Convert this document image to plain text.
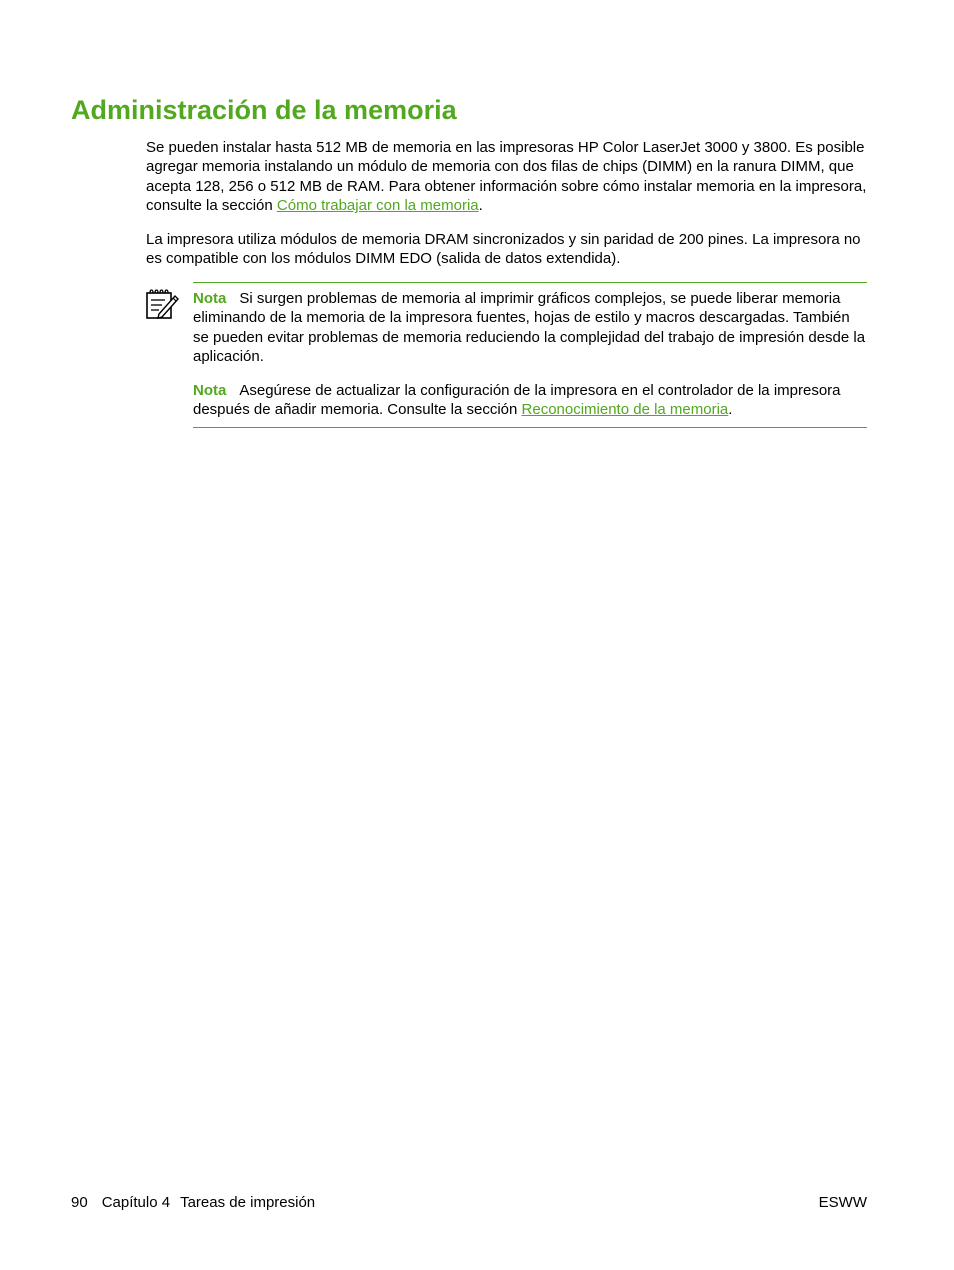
Administración de la memoria

Se pueden instalar hasta 512 MB de memoria en las impresoras HP Color LaserJet 3000 y 3800. Es posible agregar memoria instalando un módulo de memoria con dos filas de chips (DIMM) en la ranura DIMM, que acepta 128, 256 o 512 MB de RAM. Para obtener información sobre cómo instalar memoria en la impresora, consulte la sección Cómo trabajar con la memoria.

La impresora utiliza módulos de memoria DRAM sincronizados y sin paridad de 200 pines. La impresora no es compatible con los módulos DIMM EDO (salida de datos extendida).

Nota Si surgen problemas de memoria al imprimir gráficos complejos, se puede liberar memoria eliminando de la memoria de la impresora fuentes, hojas de estilo y macros descargadas. También se pueden evitar problemas de memoria reduciendo la complejidad del trabajo de impresión desde la aplicación.

Nota Asegúrese de actualizar la configuración de la impresora en el controlador de la impresora después de añadir memoria. Consulte la sección Reconocimiento de la memoria.

90 Capítulo 4 Tareas de impresión	ESWW
